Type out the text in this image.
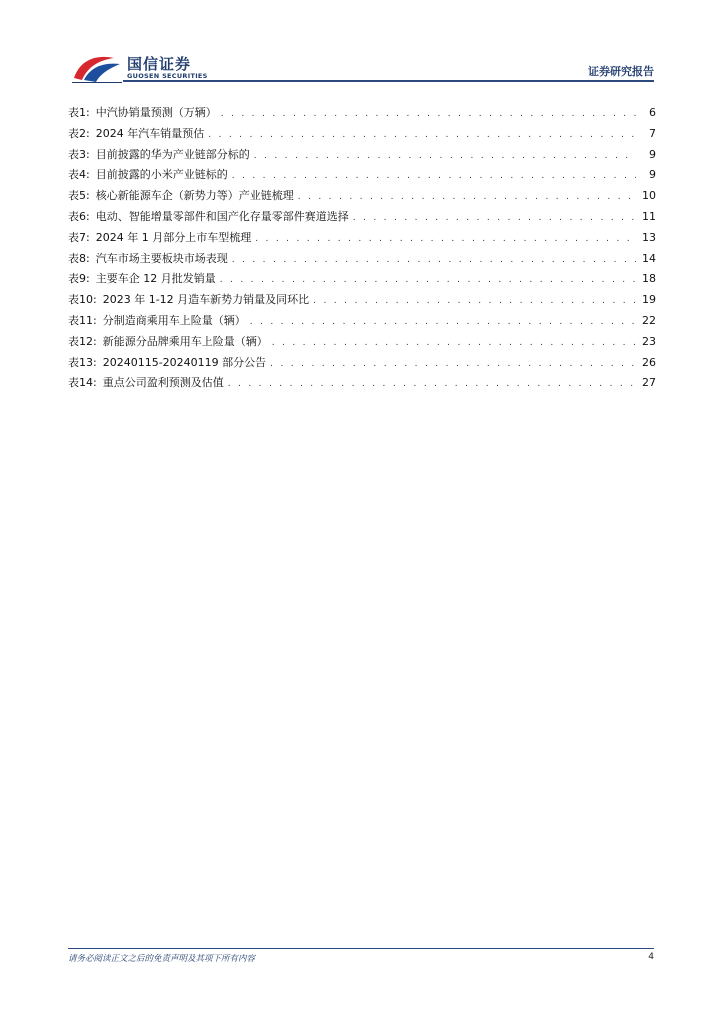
国信证券
GUOSEN SECURITIES	证券研究报告
表1: 中汽协销量预测（万辆） . . .	6
表2: 2024 年汽车销量预估 . . .	7
表3: 目前披露的华为产业链部分标的 . . .	9
表4: 目前披露的小米产业链标的 . . .	9
表5: 核心新能源车企（新势力等）产业链梳理 . . .	10
表6: 电动、智能增量零部件和国产化存量零部件赛道选择 . . .	11
表7: 2024 年 1 月部分上市车型梳理 . . .	13
表8: 汽车市场主要板块市场表现 . . .	14
表9: 主要车企 12 月批发销量 . . .	18
表10: 2023 年 1-12 月造车新势力销量及同环比 . . .	19
表11: 分制造商乘用车上险量（辆） . . .	22
表12: 新能源分品牌乘用车上险量（辆） . . .	23
表13: 20240115-20240119 部分公告 . . .	26
表14: 重点公司盈利预测及估值 . . .	27
请务必阅读正文之后的免责声明及其项下所有内容	4
